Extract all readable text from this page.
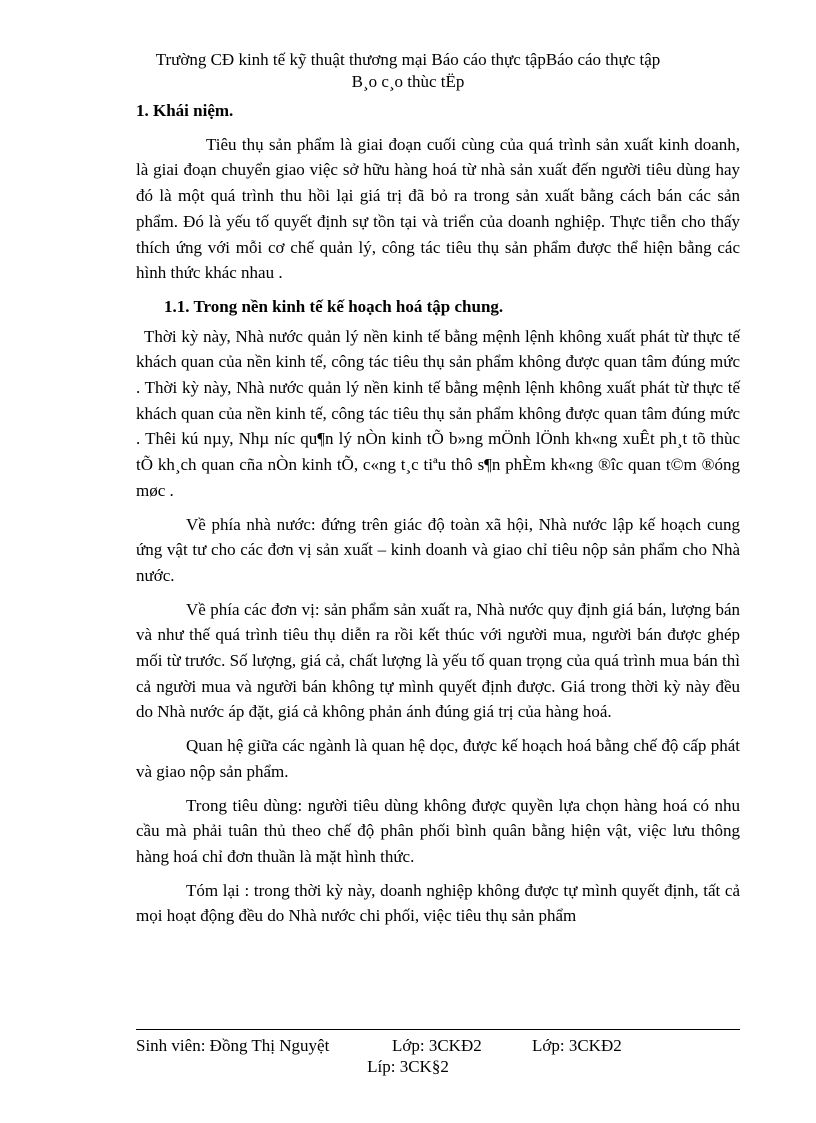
Trường CĐ kinh tế kỹ thuật thương mại Báo cáo thực tậpBáo cáo thực tập
B¸o c¸o thùc tËp
1. Khái niệm.

Tiêu thụ sản phẩm là giai đoạn cuối cùng của quá trình sản xuất kinh doanh, là giai đoạn chuyển giao việc sở hữu hàng hoá từ nhà sản xuất đến người tiêu dùng hay đó là một quá trình thu hồi lại giá trị đã bỏ ra trong sản xuất bằng cách bán các sản phẩm. Đó là yếu tố quyết định sự tồn tại và triển của doanh nghiệp. Thực tiễn cho thấy thích ứng với mỗi cơ chế quản lý, công tác tiêu thụ sản phẩm được thể hiện bằng các hình thức khác nhau .

1.1. Trong nền kinh tế kế hoạch hoá tập chung.

Thời kỳ này, Nhà nước quản lý nền kinh tế bằng mệnh lệnh không xuất phát từ thực tế khách quan của nền kinh tế, công tác tiêu thụ sản phẩm không được quan tâm đúng mức . Thời kỳ này, Nhà nước quản lý nền kinh tế bằng mệnh lệnh không xuất phát từ thực tế khách quan của nền kinh tế, công tác tiêu thụ sản phẩm không được quan tâm đúng mức . Thêi kú nµy, Nhµ níc qu¶n lý nÒn kinh tÕ b»ng mÖnh lÖnh kh«ng xuÊt ph¸t tõ thùc tÕ kh¸ch quan cña nÒn kinh tÕ, c«ng t¸c tiªu thô s¶n phÈm kh«ng ®îc quan t©m ®óng møc .

Về phía nhà nước: đứng trên giác độ toàn xã hội, Nhà nước lập kế hoạch cung ứng vật tư cho các đơn vị sản xuất – kinh doanh và giao chỉ tiêu nộp sản phẩm cho Nhà nước.

Về phía các đơn vị: sản phẩm sản xuất ra, Nhà nước quy định giá bán, lượng bán và như thế quá trình tiêu thụ diễn ra rồi kết thúc với người mua, người bán được ghép mối từ trước. Số lượng, giá cả, chất lượng là yếu tố quan trọng của quá trình mua bán thì cả người mua và người bán không tự mình quyết định được. Giá trong thời kỳ này đều do Nhà nước áp đặt, giá cả không phản ánh đúng giá trị của hàng hoá.

Quan hệ giữa các ngành là quan hệ dọc, được kế hoạch hoá bằng chế độ cấp phát và giao nộp sản phẩm.

Trong tiêu dùng: người tiêu dùng không được quyền lựa chọn hàng hoá có nhu cầu mà phải tuân thủ theo chế độ phân phối bình quân bằng hiện vật, việc lưu thông hàng hoá chỉ đơn thuần là mặt hình thức.

Tóm lại : trong thời kỳ này, doanh nghiệp không được tự mình quyết định, tất cả mọi hoạt động đều do Nhà nước chi phối, việc tiêu thụ sản phẩm

Sinh viên: Đồng Thị Nguyệt	Lớp: 3CKĐ2	Lớp: 3CKĐ2
Líp: 3CK§2
